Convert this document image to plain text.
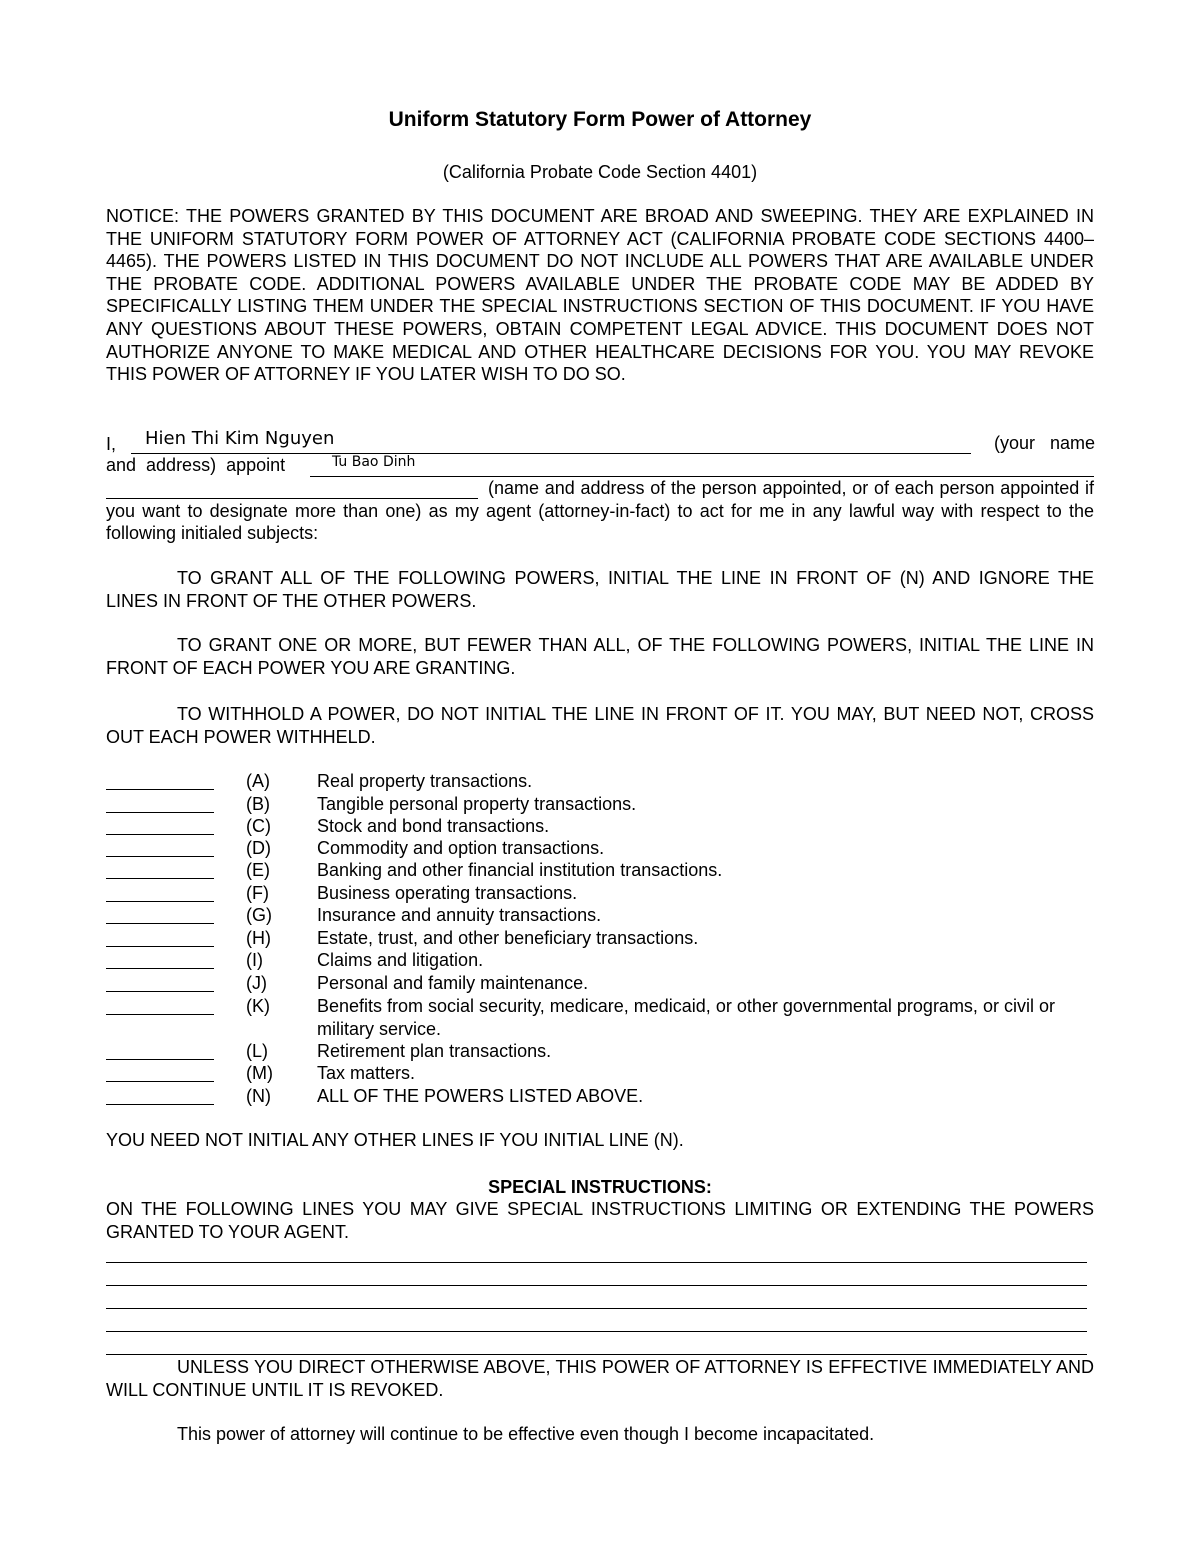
Uniform Statutory Form Power of Attorney
(California Probate Code Section 4401)
NOTICE: THE POWERS GRANTED BY THIS DOCUMENT ARE BROAD AND SWEEPING. THEY ARE EXPLAINED IN THE UNIFORM STATUTORY FORM POWER OF ATTORNEY ACT (CALIFORNIA PROBATE CODE SECTIONS 4400–4465). THE POWERS LISTED IN THIS DOCUMENT DO NOT INCLUDE ALL POWERS THAT ARE AVAILABLE UNDER THE PROBATE CODE. ADDITIONAL POWERS AVAILABLE UNDER THE PROBATE CODE MAY BE ADDED BY SPECIFICALLY LISTING THEM UNDER THE SPECIAL INSTRUCTIONS SECTION OF THIS DOCUMENT. IF YOU HAVE ANY QUESTIONS ABOUT THESE POWERS, OBTAIN COMPETENT LEGAL ADVICE. THIS DOCUMENT DOES NOT AUTHORIZE ANYONE TO MAKE MEDICAL AND OTHER HEALTHCARE DECISIONS FOR YOU. YOU MAY REVOKE THIS POWER OF ATTORNEY IF YOU LATER WISH TO DO SO.
I, Hien Thi Kim Nguyen	(your   name
and  address)  appoint	Tu Bao Dinh
(name and address of the person appointed, or of each person appointed if you want to designate more than one) as my agent (attorney-in-fact) to act for me in any lawful way with respect to the following initialed subjects:
TO GRANT ALL OF THE FOLLOWING POWERS, INITIAL THE LINE IN FRONT OF (N) AND IGNORE THE LINES IN FRONT OF THE OTHER POWERS.
TO GRANT ONE OR MORE, BUT FEWER THAN ALL, OF THE FOLLOWING POWERS, INITIAL THE LINE IN FRONT OF EACH POWER YOU ARE GRANTING.
TO WITHHOLD A POWER, DO NOT INITIAL THE LINE IN FRONT OF IT. YOU MAY, BUT NEED NOT, CROSS OUT EACH POWER WITHHELD.
(A)	Real property transactions.
(B)	Tangible personal property transactions.
(C)	Stock and bond transactions.
(D)	Commodity and option transactions.
(E)	Banking and other financial institution transactions.
(F)	Business operating transactions.
(G)	Insurance and annuity transactions.
(H)	Estate, trust, and other beneficiary transactions.
(I)	Claims and litigation.
(J)	Personal and family maintenance.
(K)	Benefits from social security, medicare, medicaid, or other governmental programs, or civil or military service.
(L)	Retirement plan transactions.
(M) Tax matters.
(N)	ALL OF THE POWERS LISTED ABOVE.
YOU NEED NOT INITIAL ANY OTHER LINES IF YOU INITIAL LINE (N).
SPECIAL INSTRUCTIONS:
ON THE FOLLOWING LINES YOU MAY GIVE SPECIAL INSTRUCTIONS LIMITING OR EXTENDING THE POWERS GRANTED TO YOUR AGENT.
UNLESS YOU DIRECT OTHERWISE ABOVE, THIS POWER OF ATTORNEY IS EFFECTIVE IMMEDIATELY AND WILL CONTINUE UNTIL IT IS REVOKED.
This power of attorney will continue to be effective even though I become incapacitated.
